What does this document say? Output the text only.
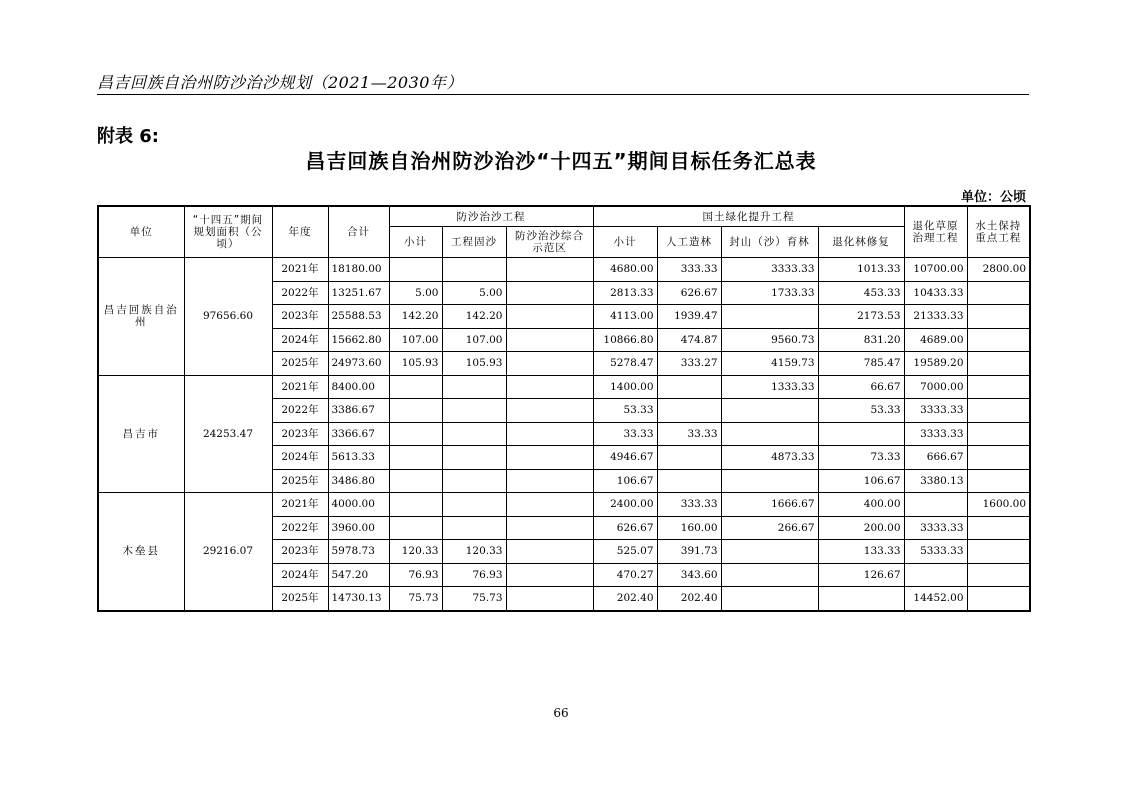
昌吉回族自治州防沙治沙规划（2021—2030年）
附表 6:
昌吉回族自治州防沙治沙“十四五”期间目标任务汇总表
单位：公顷
单位	“十四五”期间规划面积（公顷）	年度	合计	防沙治沙工程			国土绿化提升工程				退化草原治理工程	水土保持重点工程
				小计	工程固沙	防沙治沙综合示范区	小计	人工造林	封山（沙）育林	退化林修复		
昌吉回族自治州	97656.60	2021年	18180.00				4680.00	333.33	3333.33	1013.33	10700.00	2800.00
		2022年	13251.67	5.00	5.00		2813.33	626.67	1733.33	453.33	10433.33	
		2023年	25588.53	142.20	142.20		4113.00	1939.47		2173.53	21333.33	
		2024年	15662.80	107.00	107.00		10866.80	474.87	9560.73	831.20	4689.00	
		2025年	24973.60	105.93	105.93		5278.47	333.27	4159.73	785.47	19589.20	
昌吉市	24253.47	2021年	8400.00				1400.00		1333.33	66.67	7000.00	
		2022年	3386.67				53.33			53.33	3333.33	
		2023年	3366.67				33.33	33.33			3333.33	
		2024年	5613.33				4946.67		4873.33	73.33	666.67	
		2025年	3486.80				106.67			106.67	3380.13	
木垒县	29216.07	2021年	4000.00				2400.00	333.33	1666.67	400.00		1600.00
		2022年	3960.00				626.67	160.00	266.67	200.00	3333.33	
		2023年	5978.73	120.33	120.33		525.07	391.73		133.33	5333.33	
		2024年	547.20	76.93	76.93		470.27	343.60		126.67		
		2025年	14730.13	75.73	75.73		202.40	202.40			14452.00	
66
